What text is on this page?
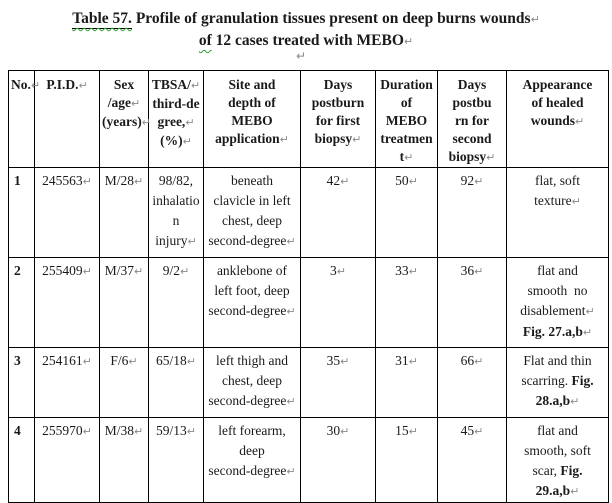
Table 57. Profile of granulation tissues present on deep burns wounds↵
of 12 cases treated with MEBO↵
↵
No.↵	P.I.D.↵	Sex
/age↵
(years)↵	TBSA/↵
third-de
gree,↵
(%)↵	Site and
depth of
MEBO
application↵	Days
postburn
for first
biopsy↵	Duration
of
MEBO
treatmen
t↵	Days
postbu
rn for
second
biopsy↵	Appearance
of healed
wounds↵
1	245563↵	M/28↵	98/82,
inhalatio
n injury↵	beneath
clavicle in left
chest, deep
second-degree↵	42↵	50↵	92↵	flat, soft
texture↵
2	255409↵	M/37↵	9/2↵	anklebone of
left foot, deep
second-degree↵	3↵	33↵	36↵	flat and
smooth  no
disablement↵
Fig. 27.a,b↵
3	254161↵	F/6↵	65/18↵	left thigh and
chest, deep
second-degree↵	35↵	31↵	66↵	Flat and thin
scarring. Fig.
28.a,b↵
4	255970↵	M/38↵	59/13↵	left forearm,
deep
second-degree↵	30↵	15↵	45↵	flat and
smooth, soft
scar, Fig.
29.a,b↵
